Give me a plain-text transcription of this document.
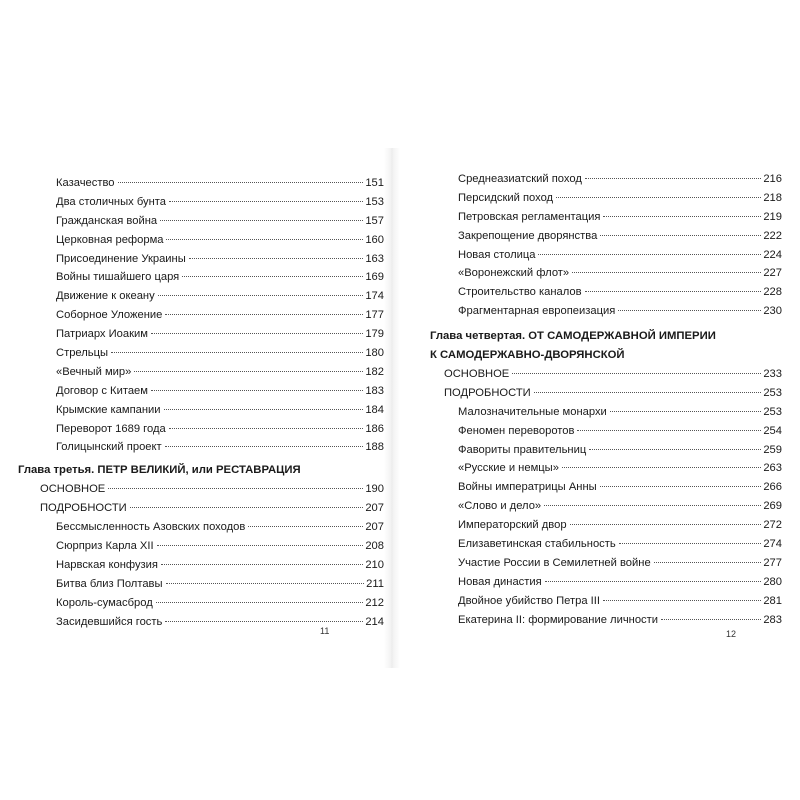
Казачество	151
Два столичных бунта	153
Гражданская война	157
Церковная реформа	160
Присоединение Украины	163
Войны тишайшего царя	169
Движение к океану	174
Соборное Уложение	177
Патриарх Иоаким	179
Стрельцы	180
«Вечный мир»	182
Договор с Китаем	183
Крымские кампании	184
Переворот 1689 года	186
Голицынский проект	188
Глава третья. ПЕТР ВЕЛИКИЙ, или РЕСТАВРАЦИЯ
ОСНОВНОЕ	190
ПОДРОБНОСТИ	207
Бессмысленность Азовских походов	207
Сюрприз Карла XII	208
Нарвская конфузия	210
Битва близ Полтавы	211
Король-сумасброд	212
Засидевшийся гость	214
11
Среднеазиатский поход	216
Персидский поход	218
Петровская регламентация	219
Закрепощение дворянства	222
Новая столица	224
«Воронежский флот»	227
Строительство каналов	228
Фрагментарная европеизация	230
Глава четвертая. ОТ САМОДЕРЖАВНОЙ ИМПЕРИИ
К САМОДЕРЖАВНО-ДВОРЯНСКОЙ
ОСНОВНОЕ	233
ПОДРОБНОСТИ	253
Малозначительные монархи	253
Феномен переворотов	254
Фавориты правительниц	259
«Русские и немцы»	263
Войны императрицы Анны	266
«Слово и дело»	269
Императорский двор	272
Елизаветинская стабильность	274
Участие России в Семилетней войне	277
Новая династия	280
Двойное убийство Петра III	281
Екатерина II: формирование личности	283
12
